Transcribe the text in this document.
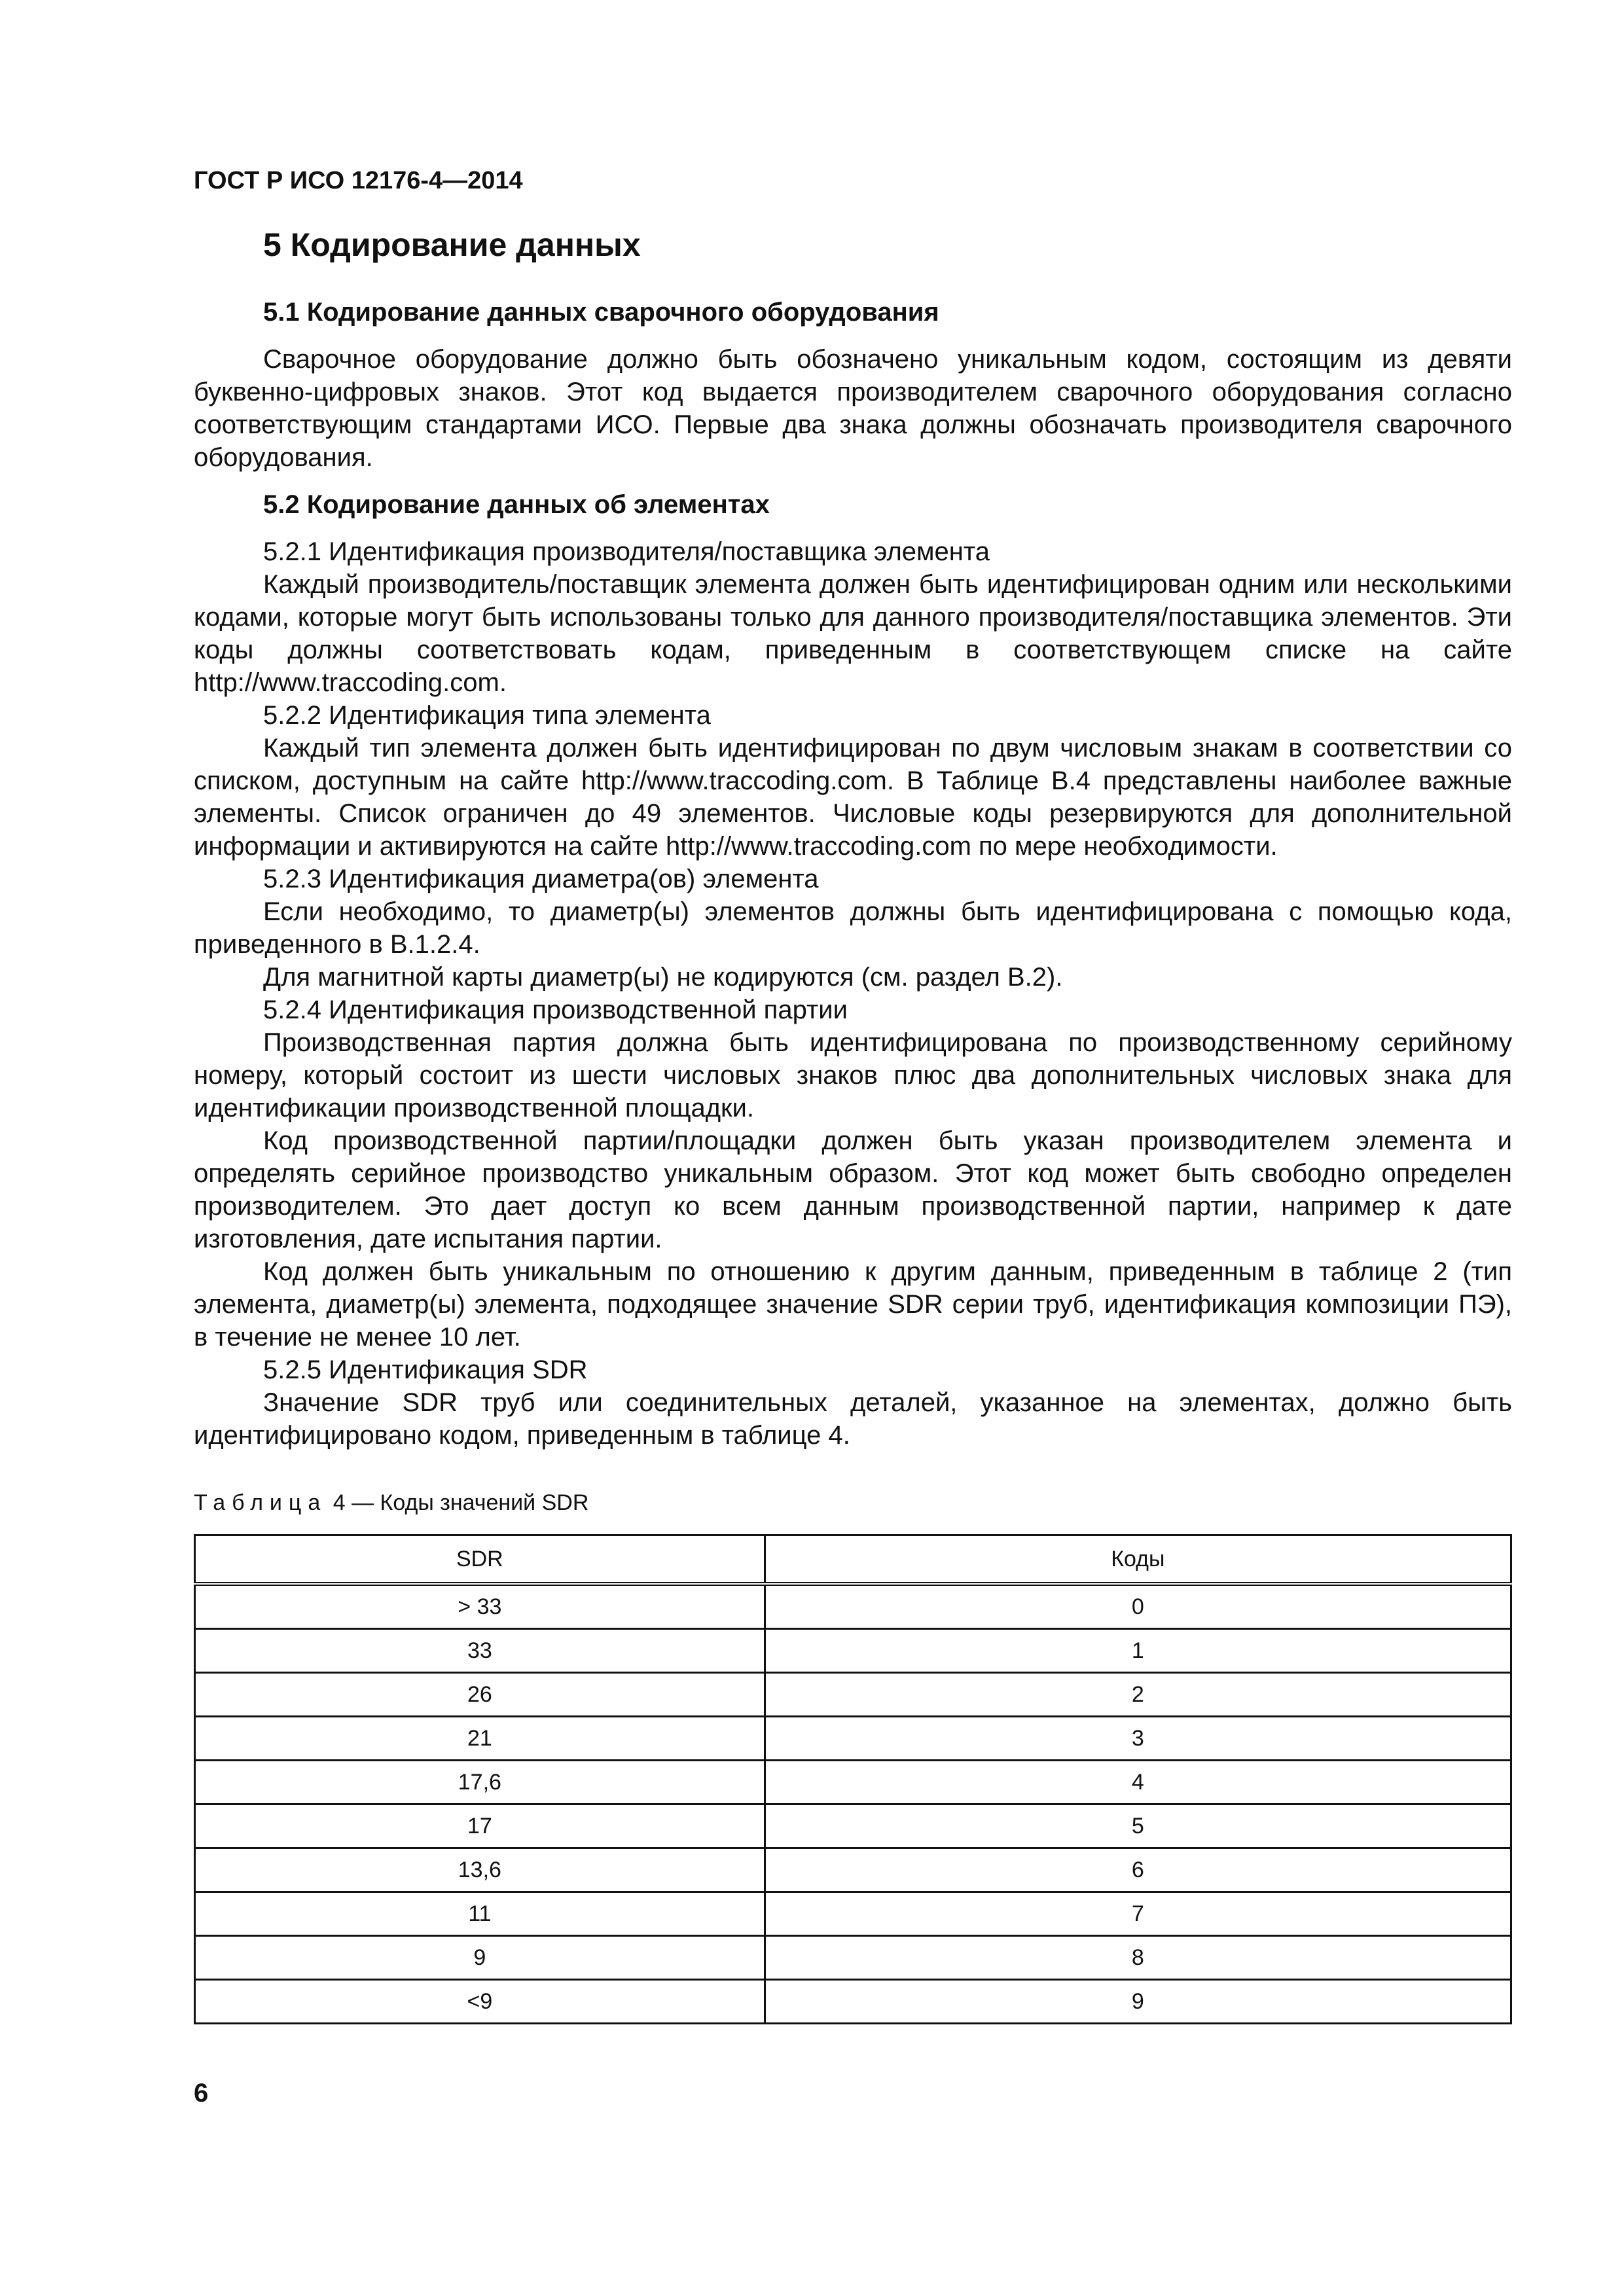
ГОСТ Р ИСО 12176-4—2014
5 Кодирование данных
5.1 Кодирование данных сварочного оборудования

Сварочное оборудование должно быть обозначено уникальным кодом, состоящим из девяти буквенно-цифровых знаков. Этот код выдается производителем сварочного оборудования согласно соответствующим стандартами ИСО. Первые два знака должны обозначать производителя сварочного оборудования.

5.2 Кодирование данных об элементах

5.2.1 Идентификация производителя/поставщика элемента

Каждый производитель/поставщик элемента должен быть идентифицирован одним или несколькими кодами, которые могут быть использованы только для данного производителя/поставщика элементов. Эти коды должны соответствовать кодам, приведенным в соответствующем списке на сайте http://www.traccoding.com.

5.2.2 Идентификация типа элемента

Каждый тип элемента должен быть идентифицирован по двум числовым знакам в соответствии со списком, доступным на сайте http://www.traccoding.com. В Таблице В.4 представлены наиболее важные элементы. Список ограничен до 49 элементов. Числовые коды резервируются для дополнительной информации и активируются на сайте http://www.traccoding.com по мере необходимости.

5.2.3 Идентификация диаметра(ов) элемента

Если необходимо, то диаметр(ы) элементов должны быть идентифицирована с помощью кода, приведенного в В.1.2.4.

Для магнитной карты диаметр(ы) не кодируются (см. раздел В.2).

5.2.4 Идентификация производственной партии

Производственная партия должна быть идентифицирована по производственному серийному номеру, который состоит из шести числовых знаков плюс два дополнительных числовых знака для идентификации производственной площадки.

Код производственной партии/площадки должен быть указан производителем элемента и определять серийное производство уникальным образом. Этот код может быть свободно определен производителем. Это дает доступ ко всем данным производственной партии, например к дате изготовления, дате испытания партии.

Код должен быть уникальным по отношению к другим данным, приведенным в таблице 2 (тип элемента, диаметр(ы) элемента, подходящее значение SDR серии труб, идентификация композиции ПЭ), в течение не менее 10 лет.

5.2.5 Идентификация SDR

Значение SDR труб или соединительных деталей, указанное на элементах, должно быть идентифицировано кодом, приведенным в таблице 4.

Таблица 4 — Коды значений SDR
SDR	Коды
> 33	0
33	1
26	2
21	3
17,6	4
17	5
13,6	6
11	7
9	8
<9	9
6
